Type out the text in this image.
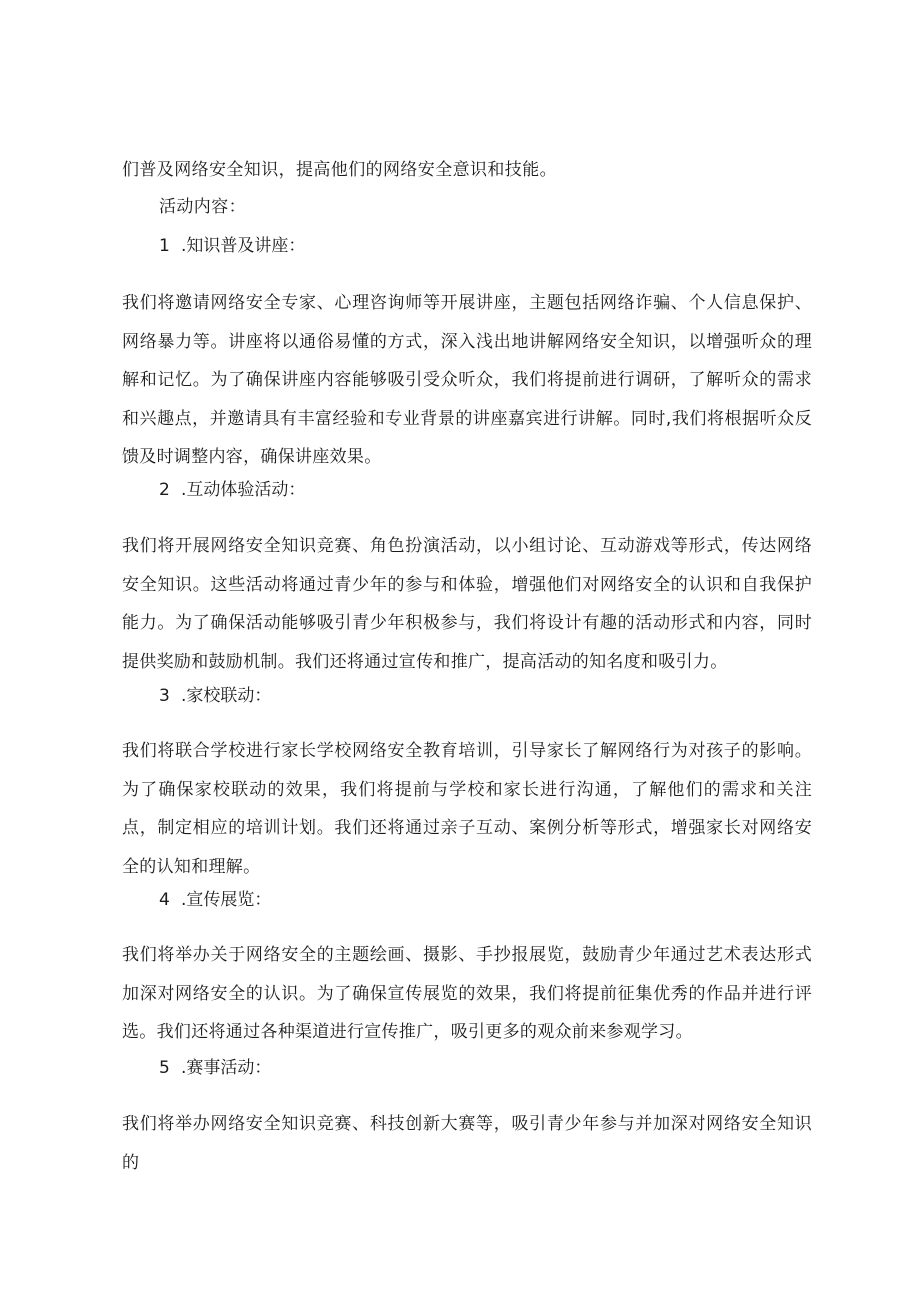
们普及网络安全知识，提高他们的网络安全意识和技能。
活动内容：
1 .知识普及讲座：
我们将邀请网络安全专家、心理咨询师等开展讲座，主题包括网络诈骗、个人信息保护、网络暴力等。讲座将以通俗易懂的方式，深入浅出地讲解网络安全知识，以增强听众的理解和记忆。为了确保讲座内容能够吸引受众听众，我们将提前进行调研，了解听众的需求和兴趣点，并邀请具有丰富经验和专业背景的讲座嘉宾进行讲解。同时,我们将根据听众反馈及时调整内容，确保讲座效果。
2 .互动体验活动：
我们将开展网络安全知识竞赛、角色扮演活动，以小组讨论、互动游戏等形式，传达网络安全知识。这些活动将通过青少年的参与和体验，增强他们对网络安全的认识和自我保护能力。为了确保活动能够吸引青少年积极参与，我们将设计有趣的活动形式和内容，同时提供奖励和鼓励机制。我们还将通过宣传和推广，提高活动的知名度和吸引力。
3 .家校联动：
我们将联合学校进行家长学校网络安全教育培训，引导家长了解网络行为对孩子的影响。为了确保家校联动的效果，我们将提前与学校和家长进行沟通，了解他们的需求和关注点，制定相应的培训计划。我们还将通过亲子互动、案例分析等形式，增强家长对网络安全的认知和理解。
4 .宣传展览：
我们将举办关于网络安全的主题绘画、摄影、手抄报展览，鼓励青少年通过艺术表达形式加深对网络安全的认识。为了确保宣传展览的效果，我们将提前征集优秀的作品并进行评选。我们还将通过各种渠道进行宣传推广，吸引更多的观众前来参观学习。
5 .赛事活动：
我们将举办网络安全知识竞赛、科技创新大赛等，吸引青少年参与并加深对网络安全知识的
